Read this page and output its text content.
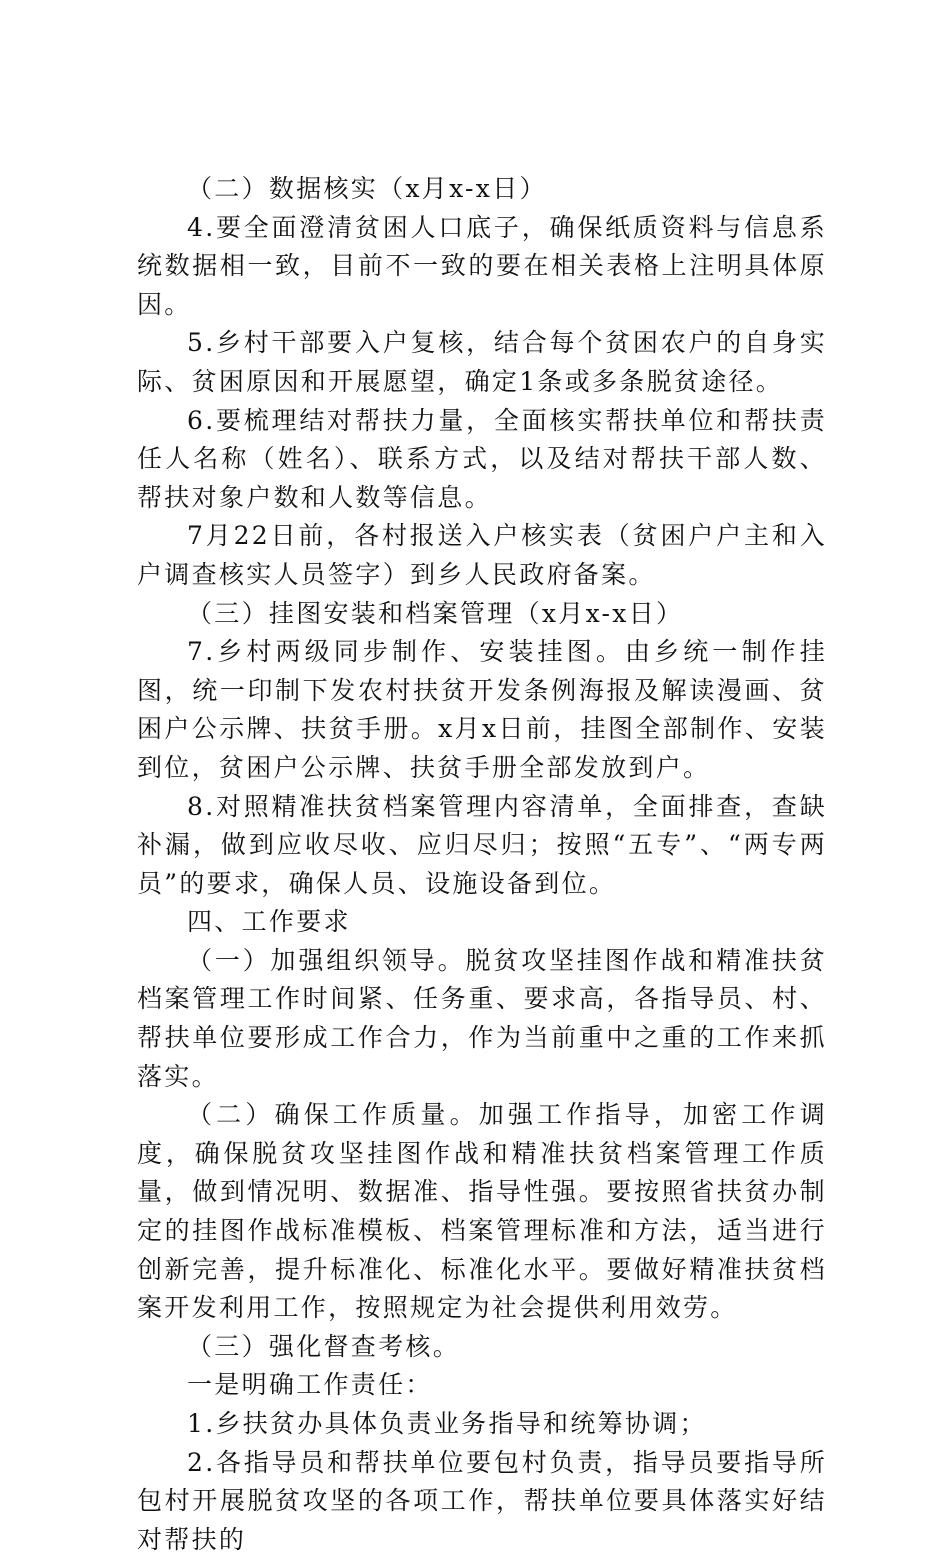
（二）数据核实（x月x-x日）

4.要全面澄清贫困人口底子，确保纸质资料与信息系统数据相一致，目前不一致的要在相关表格上注明具体原因。

5.乡村干部要入户复核，结合每个贫困农户的自身实际、贫困原因和开展愿望，确定1条或多条脱贫途径。

6.要梳理结对帮扶力量，全面核实帮扶单位和帮扶责任人名称（姓名）、联系方式，以及结对帮扶干部人数、帮扶对象户数和人数等信息。

7月22日前，各村报送入户核实表（贫困户户主和入户调查核实人员签字）到乡人民政府备案。

（三）挂图安装和档案管理（x月x-x日）

7.乡村两级同步制作、安装挂图。由乡统一制作挂图，统一印制下发农村扶贫开发条例海报及解读漫画、贫困户公示牌、扶贫手册。x月x日前，挂图全部制作、安装到位，贫困户公示牌、扶贫手册全部发放到户。

8.对照精准扶贫档案管理内容清单，全面排查，查缺补漏，做到应收尽收、应归尽归；按照“五专”、“两专两员”的要求，确保人员、设施设备到位。

四、工作要求

（一）加强组织领导。脱贫攻坚挂图作战和精准扶贫档案管理工作时间紧、任务重、要求高，各指导员、村、帮扶单位要形成工作合力，作为当前重中之重的工作来抓落实。

（二）确保工作质量。加强工作指导，加密工作调度，确保脱贫攻坚挂图作战和精准扶贫档案管理工作质量，做到情况明、数据准、指导性强。要按照省扶贫办制定的挂图作战标准模板、档案管理标准和方法，适当进行创新完善，提升标准化、标准化水平。要做好精准扶贫档案开发利用工作，按照规定为社会提供利用效劳。

（三）强化督查考核。

一是明确工作责任：

1.乡扶贫办具体负责业务指导和统筹协调；

2.各指导员和帮扶单位要包村负责，指导员要指导所包村开展脱贫攻坚的各项工作，帮扶单位要具体落实好结对帮扶的
